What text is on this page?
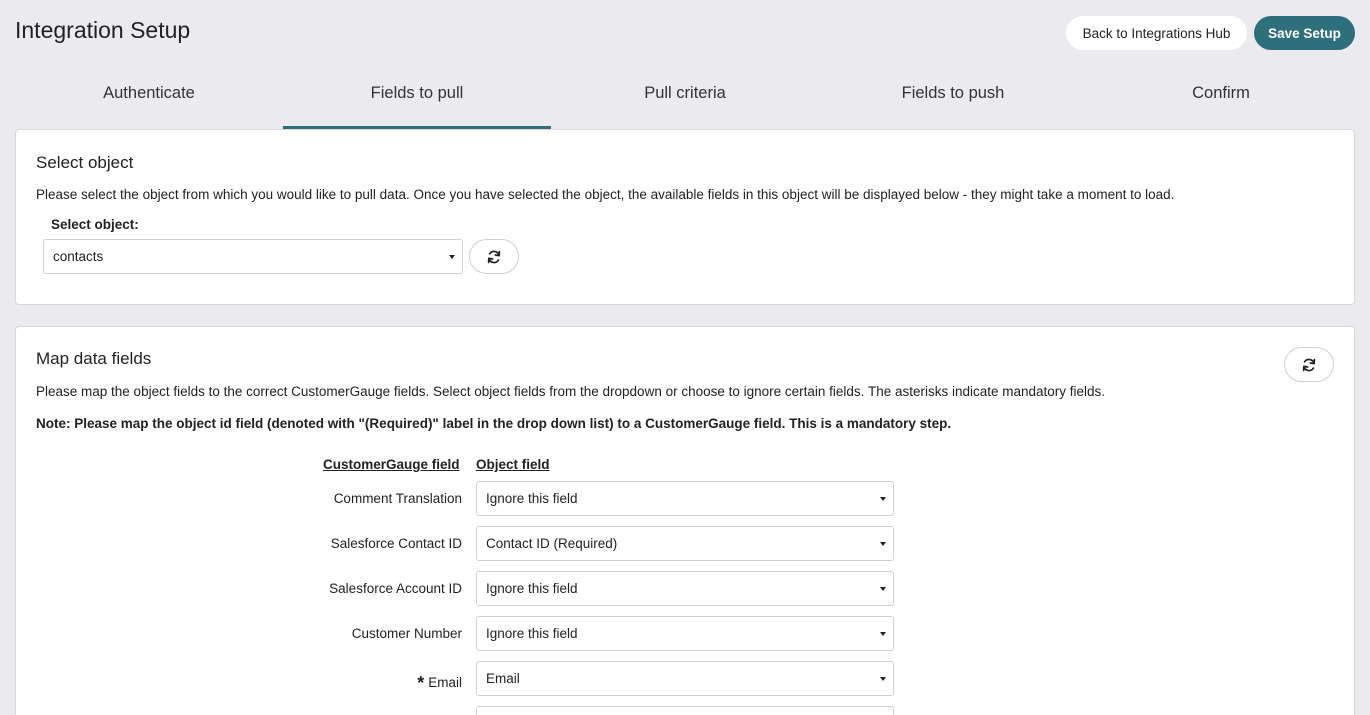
Integration Setup	Back to Integrations Hub	Save Setup
Authenticate	Fields to pull	Pull criteria	Fields to push	Confirm
Select object
Please select the object from which you would like to pull data. Once you have selected the object, the available fields in this object will be displayed below - they might take a moment to load.
Select object:
contacts
Map data fields
Please map the object fields to the correct CustomerGauge fields. Select object fields from the dropdown or choose to ignore certain fields. The asterisks indicate mandatory fields.
Note: Please map the object id field (denoted with "(Required)" label in the drop down list) to a CustomerGauge field. This is a mandatory step.
CustomerGauge field Object field
Comment Translation Ignore this field
Salesforce Contact ID Contact ID (Required)
Salesforce Account ID Ignore this field
Customer Number Ignore this field
* Email Email
